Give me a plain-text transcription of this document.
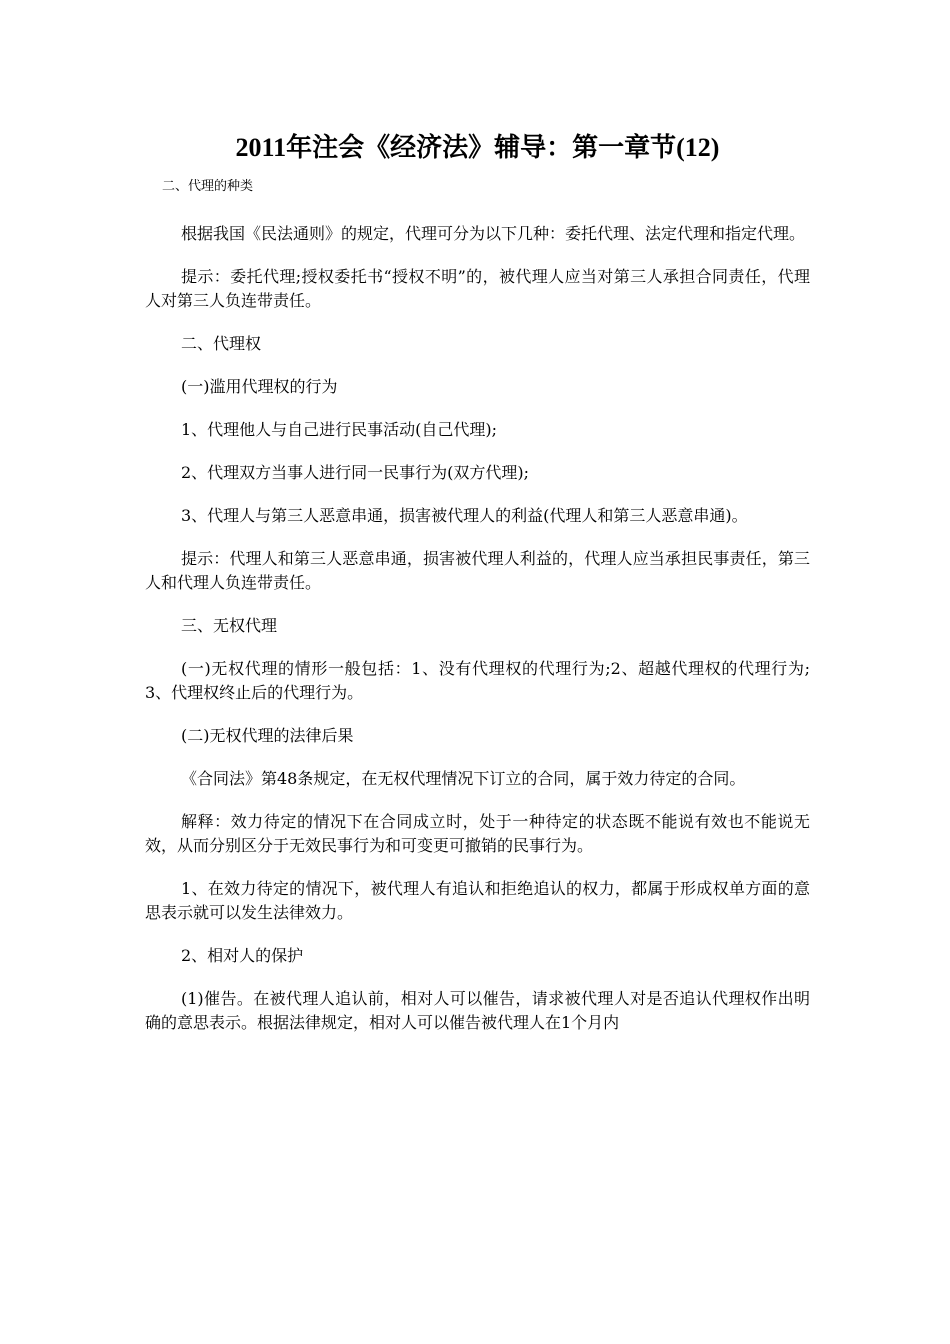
2011年注会《经济法》辅导：第一章节(12)

二、代理的种类

根据我国《民法通则》的规定，代理可分为以下几种：委托代理、法定代理和指定代理。

提示：委托代理;授权委托书“授权不明”的，被代理人应当对第三人承担合同责任，代理人对第三人负连带责任。

二、代理权

(一)滥用代理权的行为

1、代理他人与自己进行民事活动(自己代理);

2、代理双方当事人进行同一民事行为(双方代理);

3、代理人与第三人恶意串通，损害被代理人的利益(代理人和第三人恶意串通)。

提示：代理人和第三人恶意串通，损害被代理人利益的，代理人应当承担民事责任，第三人和代理人负连带责任。

三、无权代理

(一)无权代理的情形一般包括：1、没有代理权的代理行为;2、超越代理权的代理行为;3、代理权终止后的代理行为。

(二)无权代理的法律后果

《合同法》第48条规定，在无权代理情况下订立的合同，属于效力待定的合同。

解释：效力待定的情况下在合同成立时，处于一种待定的状态既不能说有效也不能说无效，从而分别区分于无效民事行为和可变更可撤销的民事行为。

1、在效力待定的情况下，被代理人有追认和拒绝追认的权力，都属于形成权单方面的意思表示就可以发生法律效力。

2、相对人的保护

(1)催告。在被代理人追认前，相对人可以催告，请求被代理人对是否追认代理权作出明确的意思表示。根据法律规定，相对人可以催告被代理人在1个月内
